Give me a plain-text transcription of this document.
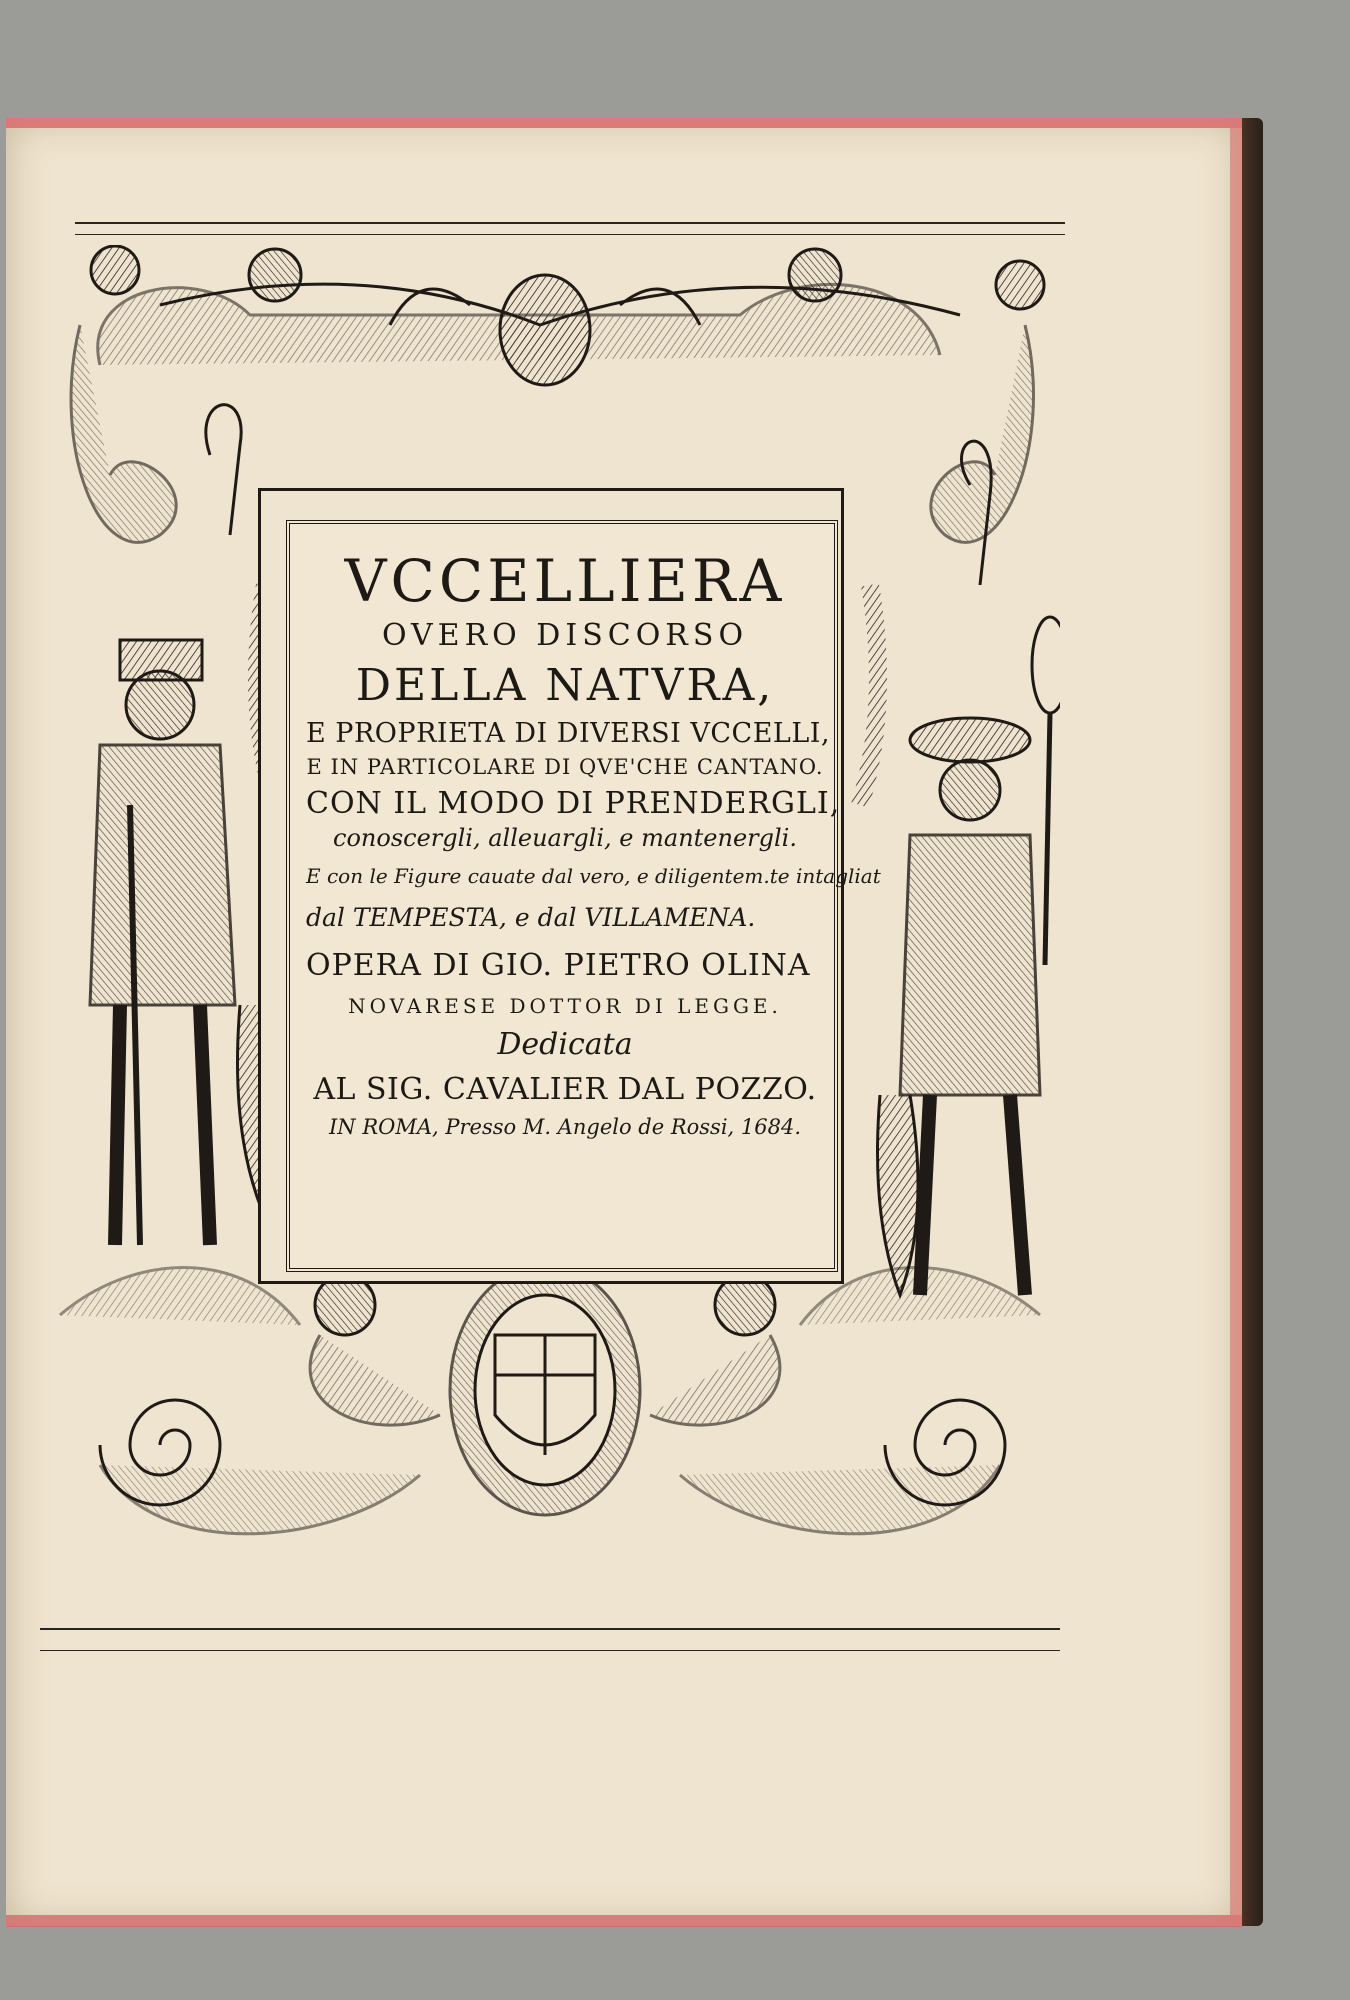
VCCELLIERA
OVERO DISCORSO
DELLA NATVRA,
E PROPRIETA DI DIVERSI VCCELLI,
E IN PARTICOLARE DI QVE'CHE CANTANO.
CON IL MODO DI PRENDERGLI,
conoscergli, alleuargli, e mantenergli.
E con le Figure cauate dal vero, e diligentem.te intagliat
dal TEMPESTA, e dal VILLAMENA.
OPERA DI GIO. PIETRO OLINA
NOVARESE DOTTOR DI LEGGE.
Dedicata
AL SIG. CAVALIER DAL POZZO.
IN ROMA, Presso M. Angelo de Rossi, 1684.
